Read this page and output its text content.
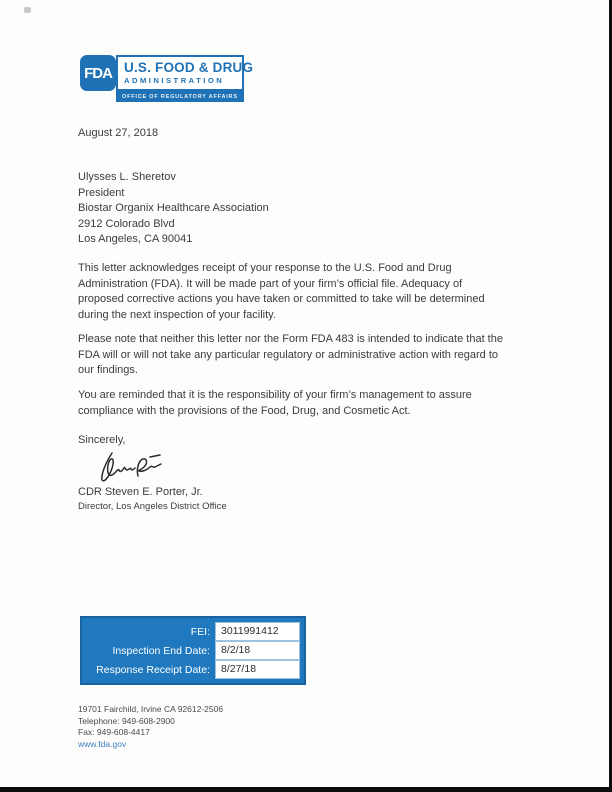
FDA U.S. FOOD & DRUG
ADMINISTRATION
OFFICE OF REGULATORY AFFAIRS
August 27, 2018
Ulysses L. Sheretov
President
Biostar Organix Healthcare Association
2912 Colorado Blvd
Los Angeles, CA 90041
This letter acknowledges receipt of your response to the U.S. Food and Drug
Administration (FDA). It will be made part of your firm’s official file. Adequacy of
proposed corrective actions you have taken or committed to take will be determined
during the next inspection of your facility.
Please note that neither this letter nor the Form FDA 483 is intended to indicate that the
FDA will or will not take any particular regulatory or administrative action with regard to
our findings.
You are reminded that it is the responsibility of your firm’s management to assure
compliance with the provisions of the Food, Drug, and Cosmetic Act.
Sincerely,
CDR Steven E. Porter, Jr.
Director, Los Angeles District Office
FEI:	3011991412
Inspection End Date:	8/2/18
Response Receipt Date:	8/27/18
19701 Fairchild, Irvine CA 92612-2506
Telephone: 949-608-2900
Fax: 949-608-4417
www.fda.gov
